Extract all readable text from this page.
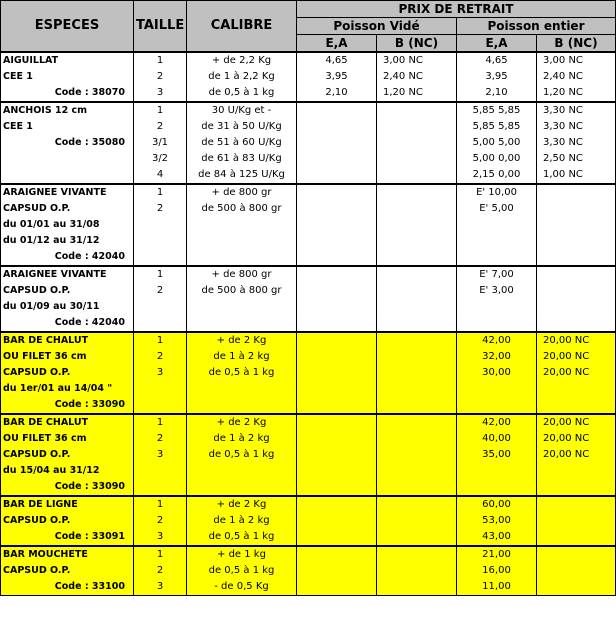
ESPECES	TAILLE	CALIBRE	PRIX DE RETRAIT			
			Poisson Vidé		Poisson entier	
			E,A	B (NC)	E,A	B (NC)
AIGUILLAT	1	+ de 2,2 Kg	4,65	3,00 NC	4,65	3,00 NC
CEE 1	2	de 1 à 2,2 Kg	3,95	2,40 NC	3,95	2,40 NC
Code : 38070	3	de 0,5 à 1 kg	2,10	1,20 NC	2,10	1,20 NC
ANCHOIS 12 cm	1	30 U/Kg et -			5,85 5,85	3,30 NC
CEE 1	2	de 31 à 50 U/Kg			5,85 5,85	3,30 NC
Code : 35080	3/1	de 51 à 60 U/Kg			5,00 5,00	3,30 NC
	3/2	de 61 à 83 U/Kg			5,00 0,00	2,50 NC
	4	de 84 à 125 U/Kg			2,15 0,00	1,00 NC
ARAIGNEE VIVANTE	1	+ de 800 gr			E' 10,00	
CAPSUD O.P.	2	de 500 à 800 gr			E' 5,00	
du 01/01 au 31/08						
du 01/12 au 31/12						
Code : 42040						
ARAIGNEE VIVANTE	1	+ de 800 gr			E' 7,00	
CAPSUD O.P.	2	de 500 à 800 gr			E' 3,00	
du 01/09 au 30/11						
Code : 42040						
BAR DE CHALUT	1	+ de 2 Kg			42,00	20,00 NC
OU FILET 36 cm	2	de 1 à 2 kg			32,00	20,00 NC
CAPSUD O.P.	3	de 0,5 à 1 kg			30,00	20,00 NC
du 1er/01 au 14/04 "						
Code : 33090						
BAR DE CHALUT	1	+ de 2 Kg			42,00	20,00 NC
OU FILET 36 cm	2	de 1 à 2 kg			40,00	20,00 NC
CAPSUD O.P.	3	de 0,5 à 1 kg			35,00	20,00 NC
du 15/04 au 31/12						
Code : 33090						
BAR DE LIGNE	1	+ de 2 Kg			60,00	
CAPSUD O.P.	2	de 1 à 2 kg			53,00	
Code : 33091	3	de 0,5 à 1 kg			43,00	
BAR MOUCHETE	1	+ de 1 kg			21,00	
CAPSUD O.P.	2	de 0,5 à 1 kg			16,00	
Code : 33100	3	- de 0,5 Kg			11,00	
